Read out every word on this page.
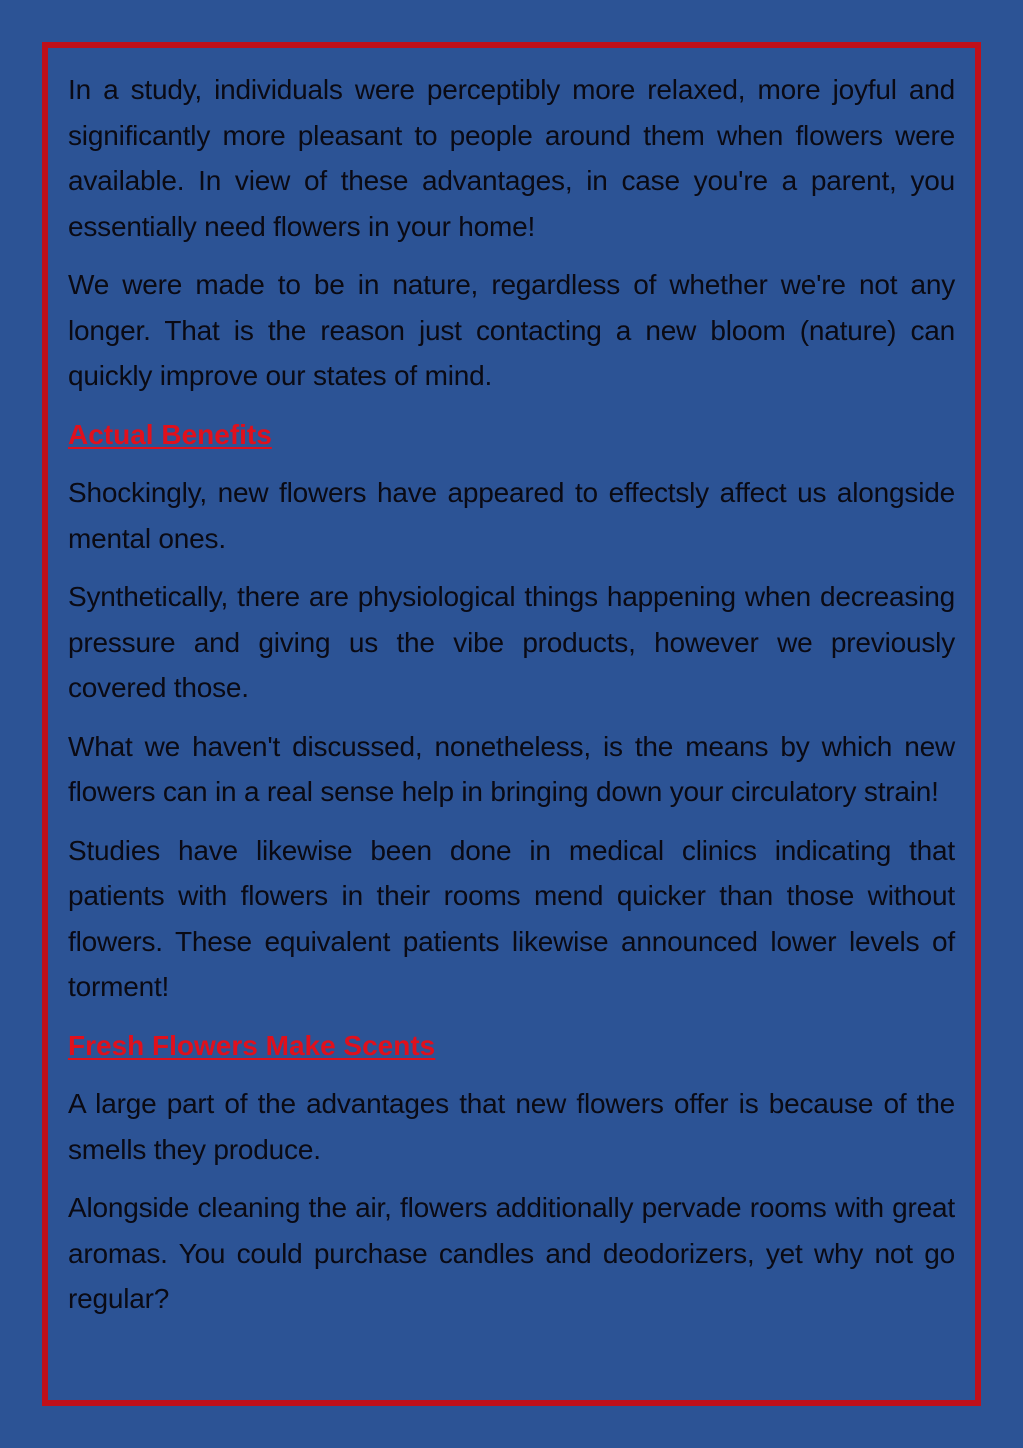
In a study, individuals were perceptibly more relaxed, more joyful and significantly more pleasant to people around them when flowers were available. In view of these advantages, in case you're a parent, you essentially need flowers in your home!

We were made to be in nature, regardless of whether we're not any longer. That is the reason just contacting a new bloom (nature) can quickly improve our states of mind.

Actual Benefits

Shockingly, new flowers have appeared to effectsly affect us alongside mental ones.

Synthetically, there are physiological things happening when decreasing pressure and giving us the vibe products, however we previously covered those.

What we haven't discussed, nonetheless, is the means by which new flowers can in a real sense help in bringing down your circulatory strain!

Studies have likewise been done in medical clinics indicating that patients with flowers in their rooms mend quicker than those without flowers. These equivalent patients likewise announced lower levels of torment!

Fresh Flowers Make Scents

A large part of the advantages that new flowers offer is because of the smells they produce.

Alongside cleaning the air, flowers additionally pervade rooms with great aromas. You could purchase candles and deodorizers, yet why not go regular?
